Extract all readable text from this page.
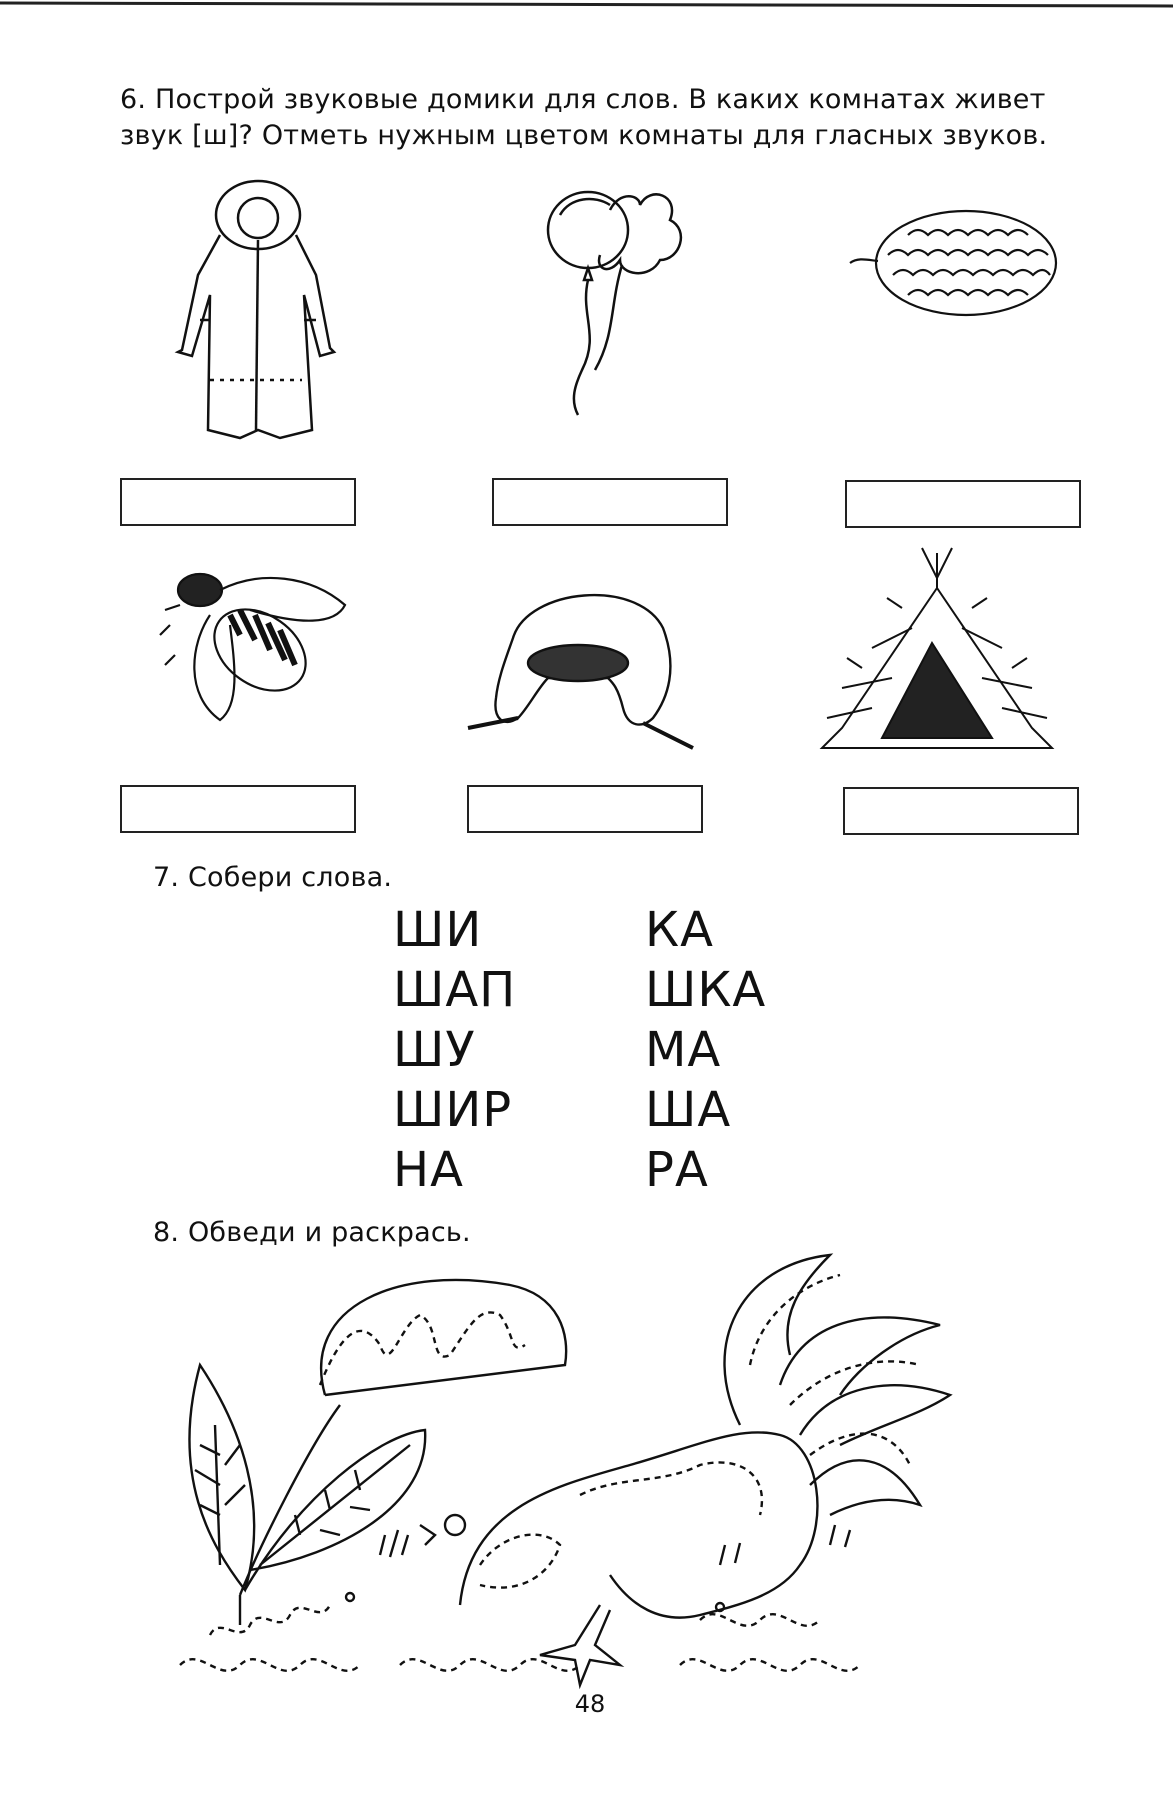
6. Построй звуковые домики для слов. В каких комнатах живет
звук [ш]? Отметь нужным цветом комнаты для гласных звуков.
7. Собери слова.
ШИ
ШАП
ШУ
ШИР
НА
КА
ШКА
МА
ША
РА
8. Обведи и раскрась.
48
